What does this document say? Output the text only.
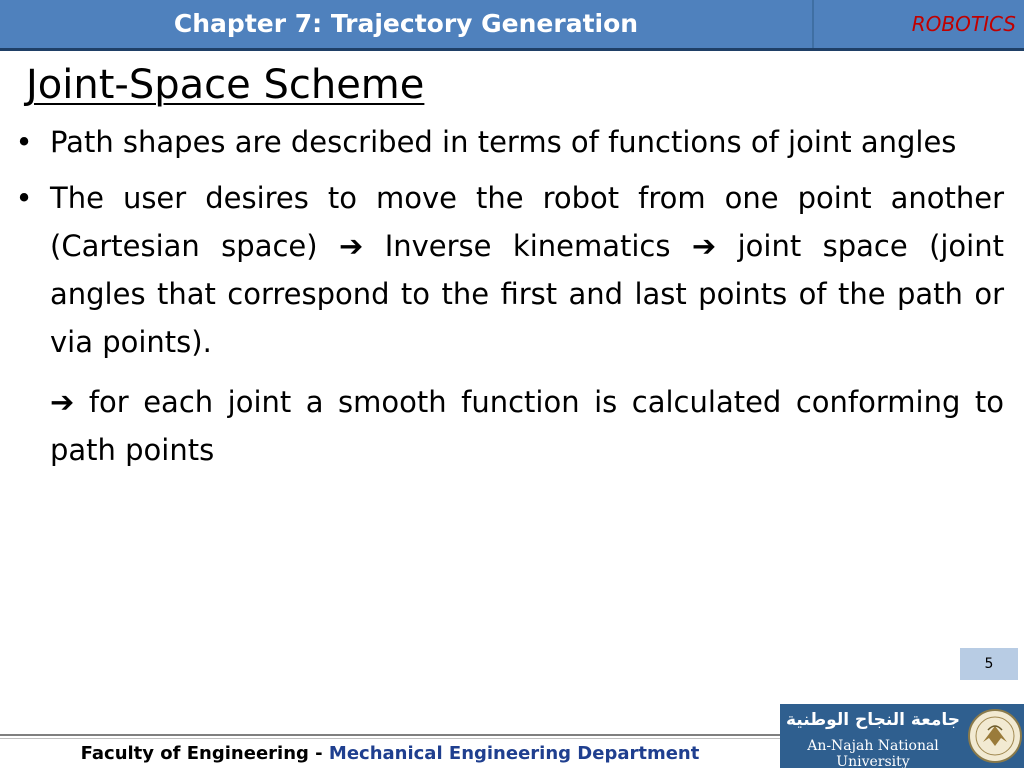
Chapter 7: Trajectory Generation	ROBOTICS
Joint-Space Scheme
• Path shapes are described in terms of functions of joint angles
• The user desires to move the robot from one point another (Cartesian space) ➔ Inverse kinematics ➔ joint space (joint angles that correspond to the first and last points of the path or via points).
➔ for each joint a smooth function is calculated conforming to path points
5
Faculty of Engineering - Mechanical Engineering Department
جامعة النجاح الوطنية
An-Najah National University
